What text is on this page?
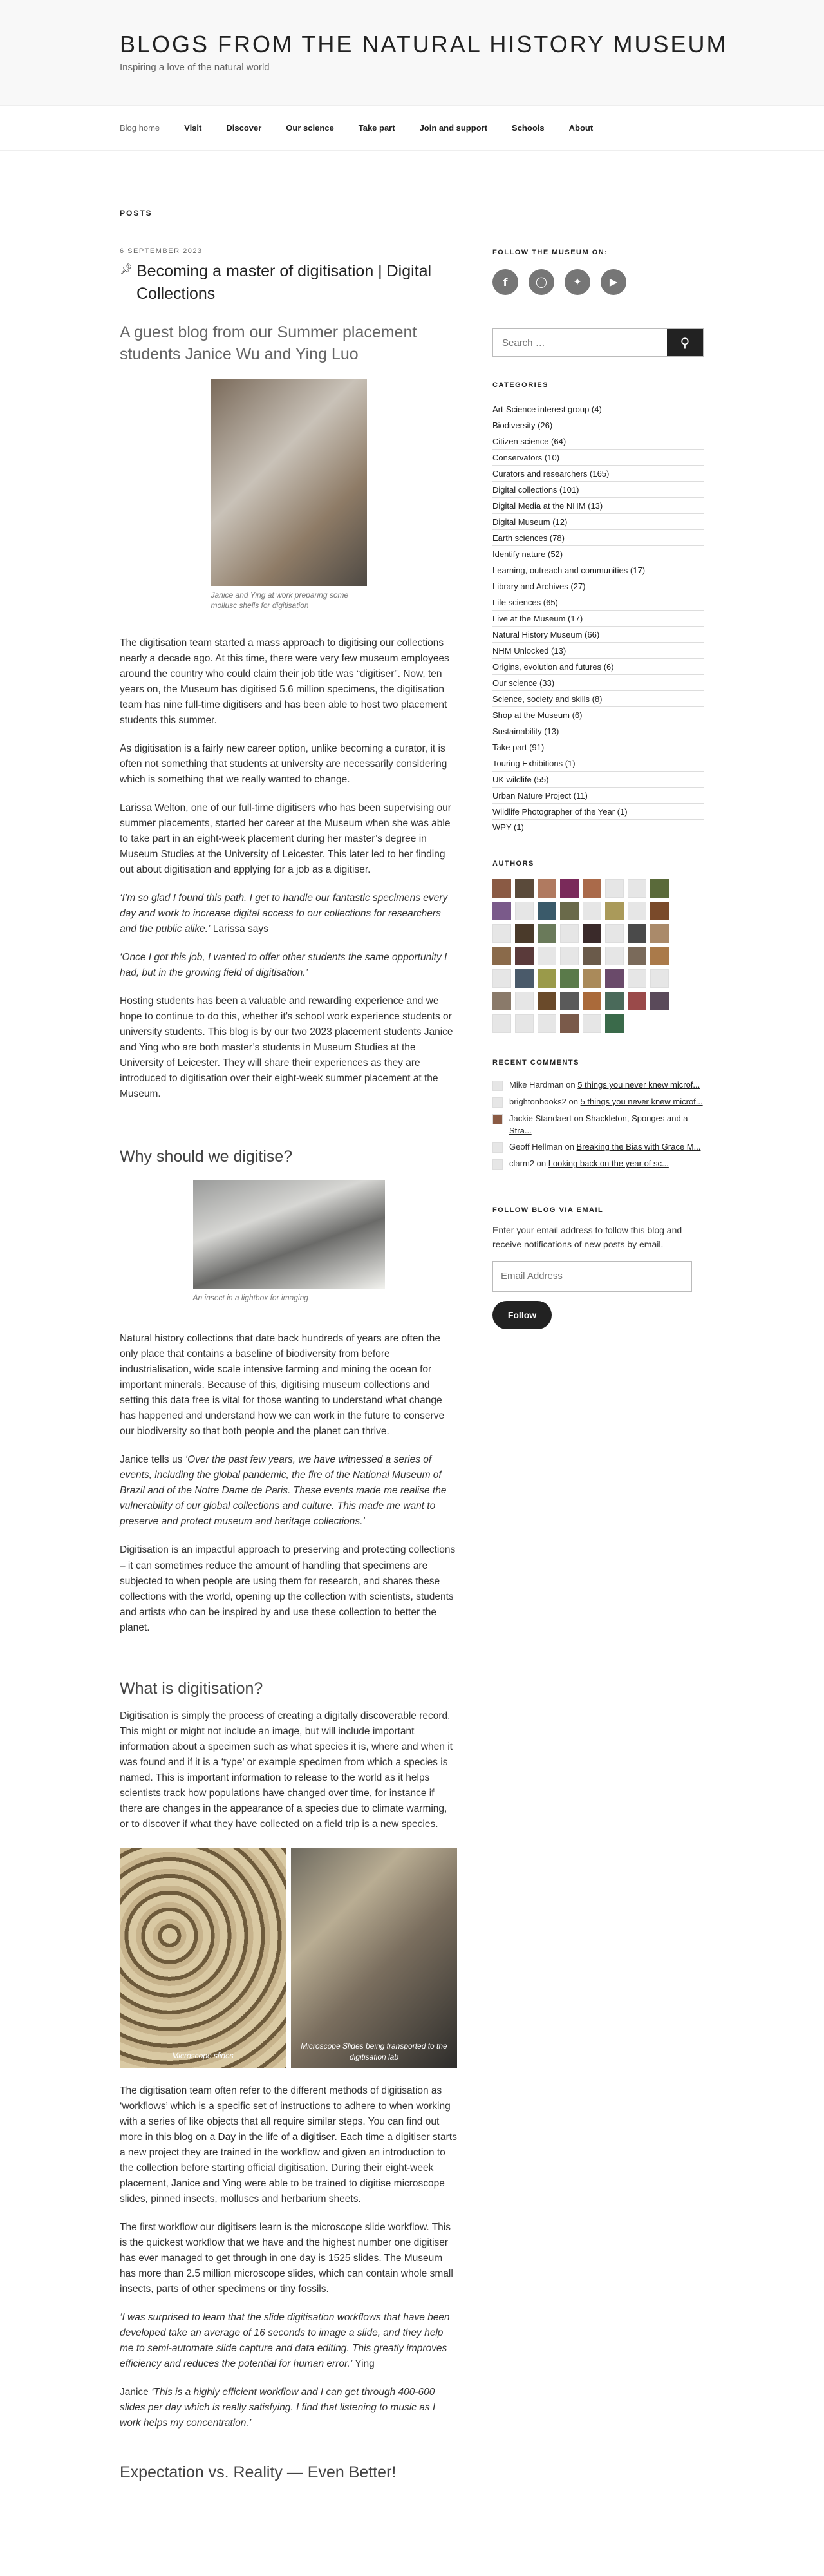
BLOGS FROM THE NATURAL HISTORY MUSEUM
Inspiring a love of the natural world
Blog home	Visit	Discover	Our science	Take part	Join and support	Schools	About
POSTS
6 SEPTEMBER 2023
📌︎ Becoming a master of digitisation | Digital Collections
A guest blog from our Summer placement students Janice Wu and Ying Luo
Janice and Ying at work preparing some mollusc shells for digitisation

The digitisation team started a mass approach to digitising our collections nearly a decade ago. At this time, there were very few museum employees around the country who could claim their job title was “digitiser”. Now, ten years on, the Museum has digitised 5.6 million specimens, the digitisation team has nine full-time digitisers and has been able to host two placement students this summer.

As digitisation is a fairly new career option, unlike becoming a curator, it is often not something that students at university are necessarily considering which is something that we really wanted to change.

Larissa Welton, one of our full-time digitisers who has been supervising our summer placements, started her career at the Museum when she was able to take part in an eight-week placement during her master’s degree in Museum Studies at the University of Leicester. This later led to her finding out about digitisation and applying for a job as a digitiser.

‘I’m so glad I found this path. I get to handle our fantastic specimens every day and work to increase digital access to our collections for researchers and the public alike.’ Larissa says

‘Once I got this job, I wanted to offer other students the same opportunity I had, but in the growing field of digitisation.’

Hosting students has been a valuable and rewarding experience and we hope to continue to do this, whether it’s school work experience students or university students. This blog is by our two 2023 placement students Janice and Ying who are both master’s students in Museum Studies at the University of Leicester. They will share their experiences as they are introduced to digitisation over their eight-week summer placement at the Museum.

Why should we digitise?
An insect in a lightbox for imaging

Natural history collections that date back hundreds of years are often the only place that contains a baseline of biodiversity from before industrialisation, wide scale intensive farming and mining the ocean for important minerals. Because of this, digitising museum collections and setting this data free is vital for those wanting to understand what change has happened and understand how we can work in the future to conserve our biodiversity so that both people and the planet can thrive.

Janice tells us ‘Over the past few years, we have witnessed a series of events, including the global pandemic, the fire of the National Museum of Brazil and of the Notre Dame de Paris. These events made me realise the vulnerability of our global collections and culture. This made me want to preserve and protect museum and heritage collections.’

Digitisation is an impactful approach to preserving and protecting collections – it can sometimes reduce the amount of handling that specimens are subjected to when people are using them for research, and shares these collections with the world, opening up the collection with scientists, students and artists who can be inspired by and use these collection to better the planet.

What is digitisation?

Digitisation is simply the process of creating a digitally discoverable record. This might or might not include an image, but will include important information about a specimen such as what species it is, where and when it was found and if it is a ‘type’ or example specimen from which a species is named. This is important information to release to the world as it helps scientists track how populations have changed over time, for instance if there are changes in the appearance of a species due to climate warming, or to discover if what they have collected on a field trip is a new species.

Microscope slides
Microscope Slides being transported to the digitisation lab

The digitisation team often refer to the different methods of digitisation as ‘workflows’ which is a specific set of instructions to adhere to when working with a series of like objects that all require similar steps. You can find out more in this blog on a Day in the life of a digitiser. Each time a digitiser starts a new project they are trained in the workflow and given an introduction to the collection before starting official digitisation. During their eight-week placement, Janice and Ying were able to be trained to digitise microscope slides, pinned insects, molluscs and herbarium sheets.

The first workflow our digitisers learn is the microscope slide workflow. This is the quickest workflow that we have and the highest number one digitiser has ever managed to get through in one day is 1525 slides. The Museum has more than 2.5 million microscope slides, which can contain whole small insects, parts of other specimens or tiny fossils.

‘I was surprised to learn that the slide digitisation workflows that have been developed take an average of 16 seconds to image a slide, and they help me to semi-automate slide capture and data editing. This greatly improves efficiency and reduces the potential for human error.’ Ying

Janice ‘This is a highly efficient workflow and I can get through 400-600 slides per day which is really satisfying. I find that listening to music as I work helps my concentration.’

Expectation vs. Reality — Even Better!
FOLLOW THE MUSEUM ON:
f	◯	✦	▶
Search …
⚲
CATEGORIES
Art-Science interest group (4)
Biodiversity (26)
Citizen science (64)
Conservators (10)
Curators and researchers (165)
Digital collections (101)
Digital Media at the NHM (13)
Digital Museum (12)
Earth sciences (78)
Identify nature (52)
Learning, outreach and communities (17)
Library and Archives (27)
Life sciences (65)
Live at the Museum (17)
Natural History Museum (66)
NHM Unlocked (13)
Origins, evolution and futures (6)
Our science (33)
Science, society and skills (8)
Shop at the Museum (6)
Sustainability (13)
Take part (91)
Touring Exhibitions (1)
UK wildlife (55)
Urban Nature Project (11)
Wildlife Photographer of the Year (1)
WPY (1)
AUTHORS
RECENT COMMENTS
Mike Hardman on 5 things you never knew microf...
brightonbooks2 on 5 things you never knew microf...
Jackie Standaert on Shackleton, Sponges and a Stra...
Geoff Hellman on Breaking the Bias with Grace M...
clarm2 on Looking back on the year of sc...
FOLLOW BLOG VIA EMAIL
Enter your email address to follow this blog and receive notifications of new posts by email.
Email Address Follow
